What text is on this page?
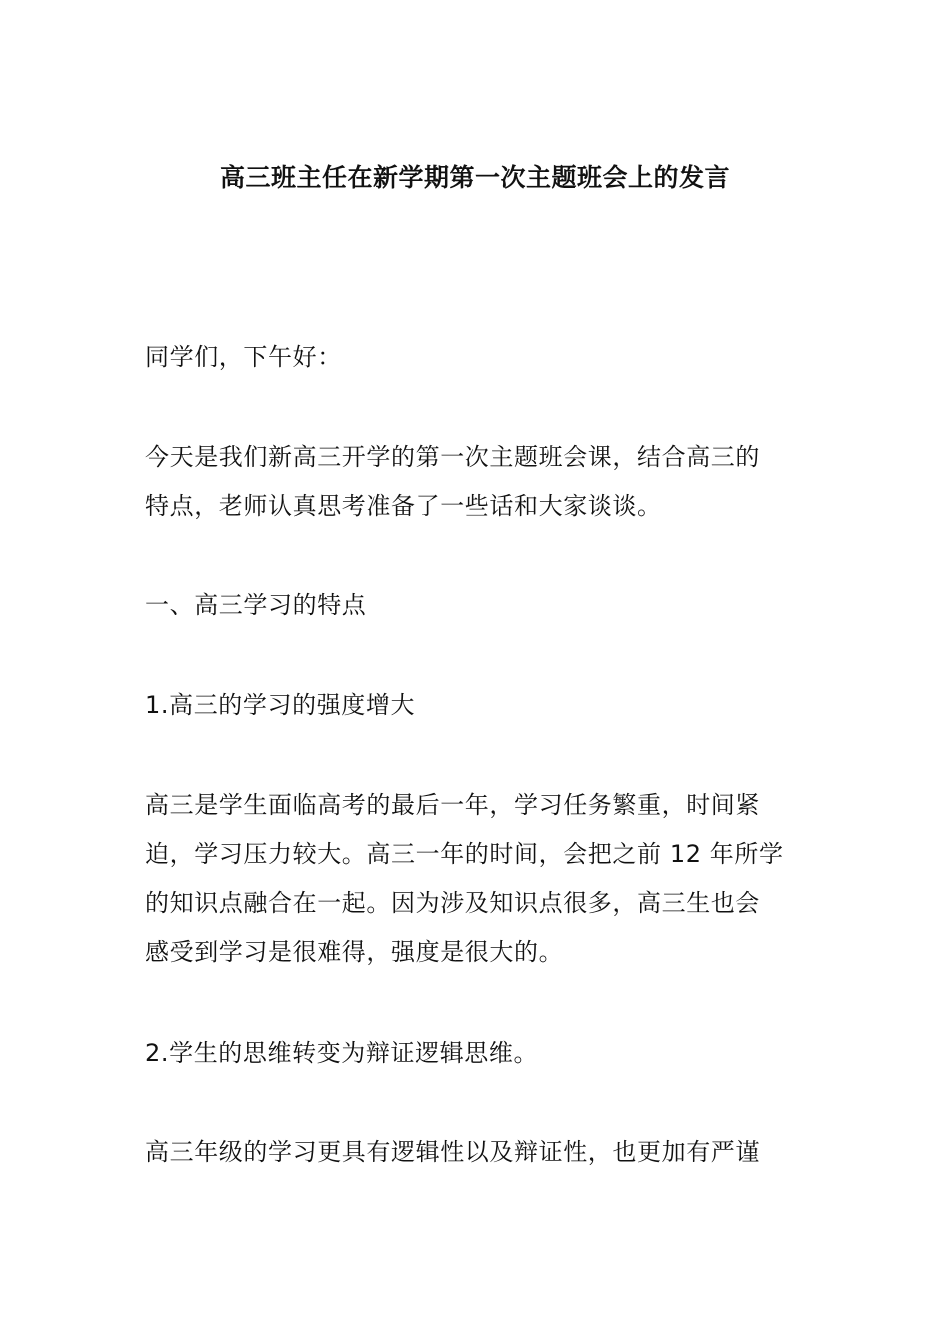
高三班主任在新学期第一次主题班会上的发言

同学们，下午好：

今天是我们新高三开学的第一次主题班会课，结合高三的
特点，老师认真思考准备了一些话和大家谈谈。

一、高三学习的特点

1.高三的学习的强度增大

高三是学生面临高考的最后一年，学习任务繁重，时间紧
迫，学习压力较大。高三一年的时间，会把之前 12 年所学
的知识点融合在一起。因为涉及知识点很多，高三生也会
感受到学习是很难得，强度是很大的。

2.学生的思维转变为辩证逻辑思维。

高三年级的学习更具有逻辑性以及辩证性，也更加有严谨
